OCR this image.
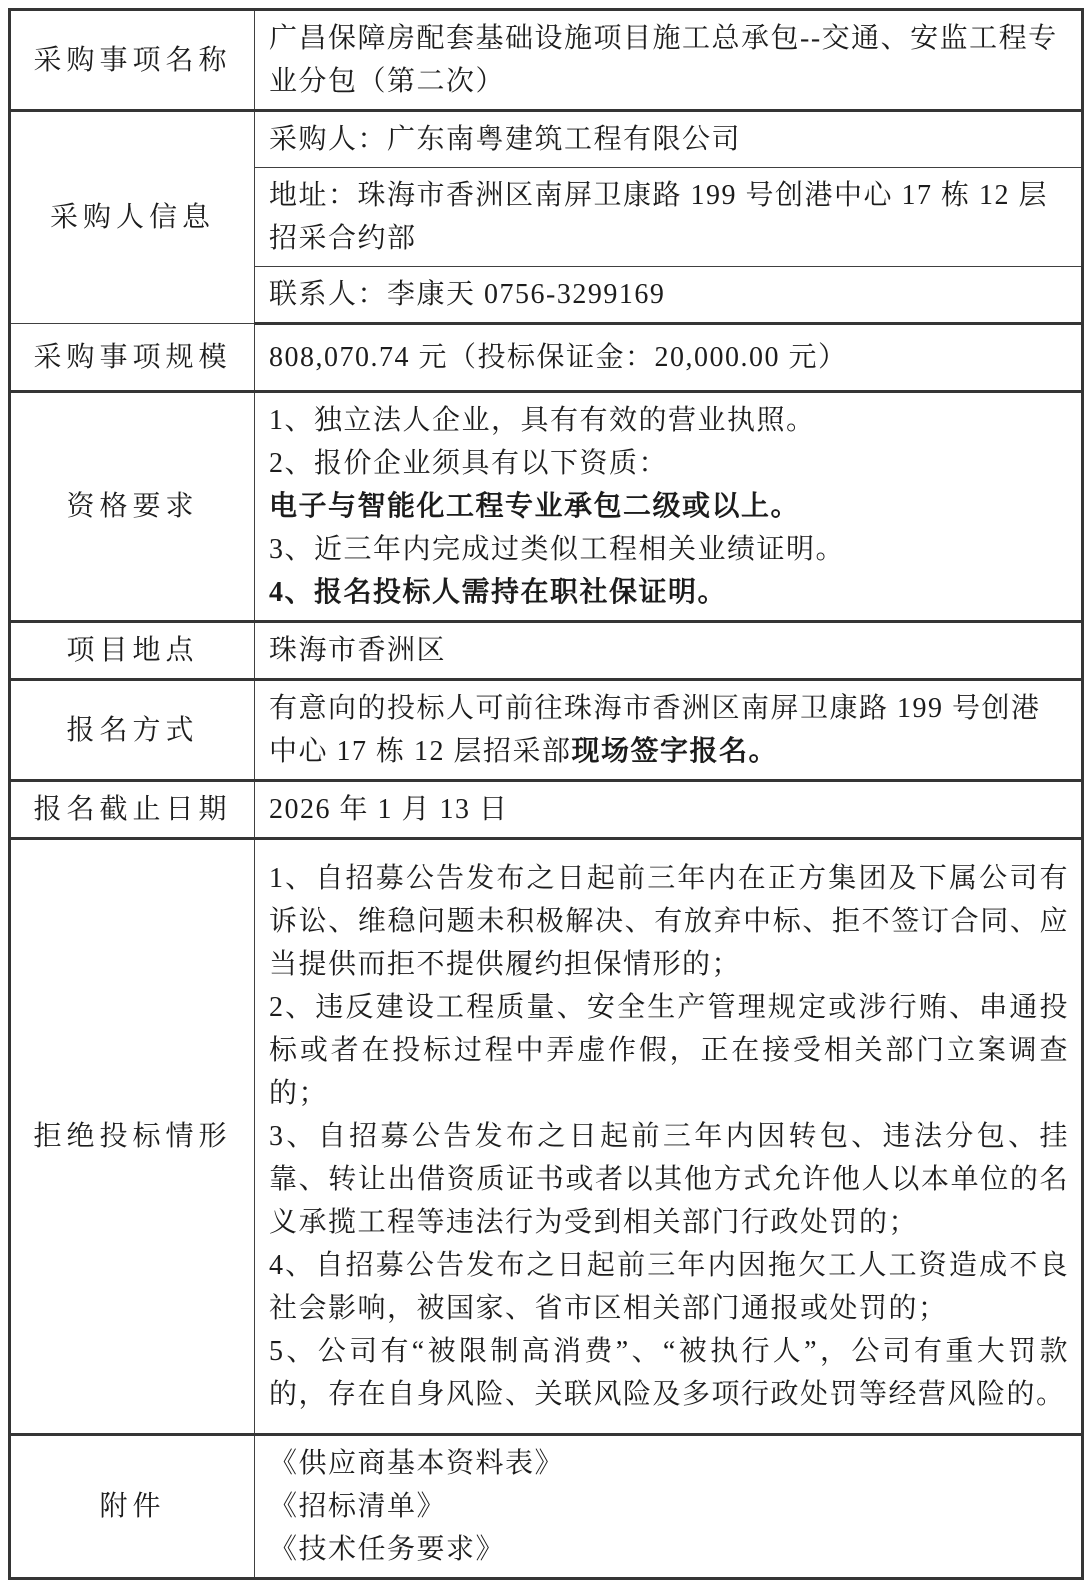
采购事项名称	广昌保障房配套基础设施项目施工总承包--交通、安监工程专业分包（第二次）
采购人信息	采购人：广东南粤建筑工程有限公司
	地址：珠海市香洲区南屏卫康路 199 号创港中心 17 栋 12 层招采合约部
	联系人：李康天 0756-3299169
采购事项规模	808,070.74 元（投标保证金：20,000.00 元）
资格要求	1、独立法人企业，具有有效的营业执照。
2、报价企业须具有以下资质：
电子与智能化工程专业承包二级或以上。
3、近三年内完成过类似工程相关业绩证明。
4、报名投标人需持在职社保证明。

项目地点	珠海市香洲区
报名方式	有意向的投标人可前往珠海市香洲区南屏卫康路 199 号创港中心 17 栋 12 层招采部现场签字报名。
报名截止日期	2026 年 1 月 13 日
拒绝投标情形	1、自招募公告发布之日起前三年内在正方集团及下属公司有诉讼、维稳问题未积极解决、有放弃中标、拒不签订合同、应当提供而拒不提供履约担保情形的；
2、违反建设工程质量、安全生产管理规定或涉行贿、串通投标或者在投标过程中弄虚作假，正在接受相关部门立案调查的；
3、自招募公告发布之日起前三年内因转包、违法分包、挂靠、转让出借资质证书或者以其他方式允许他人以本单位的名义承揽工程等违法行为受到相关部门行政处罚的；
4、自招募公告发布之日起前三年内因拖欠工人工资造成不良社会影响，被国家、省市区相关部门通报或处罚的；
5、公司有“被限制高消费”、“被执行人”，公司有重大罚款的，存在自身风险、关联风险及多项行政处罚等经营风险的。

附件	《供应商基本资料表》
《招标清单》
《技术任务要求》
